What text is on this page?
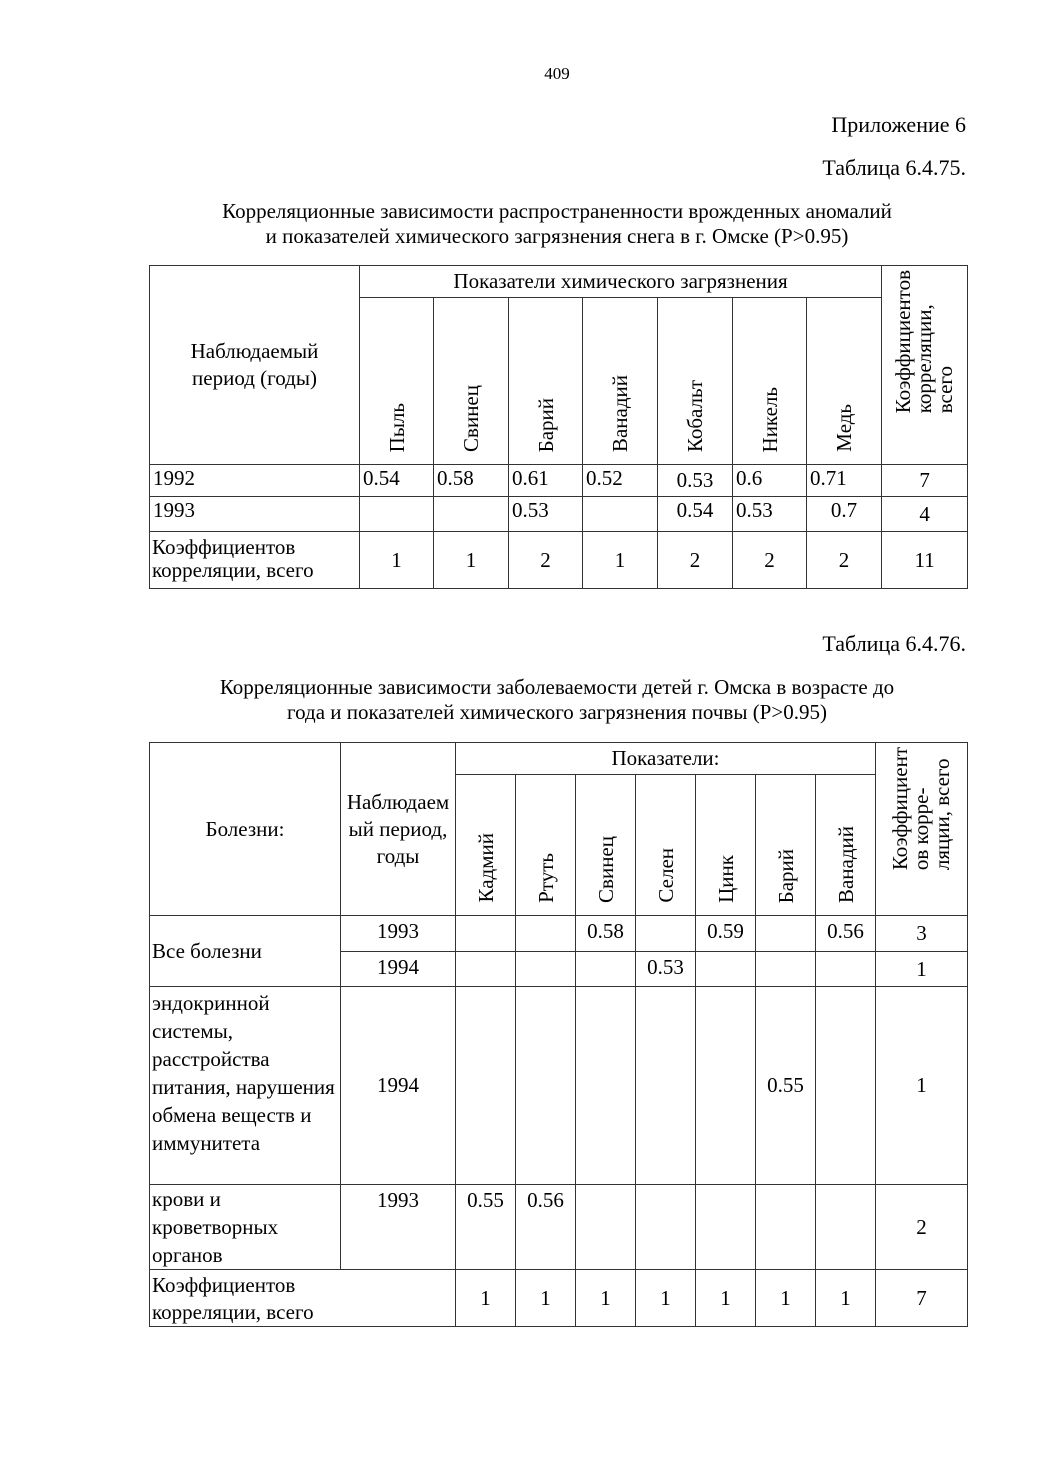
409
Приложение 6
Таблица 6.4.75.
Корреляционные зависимости распространенности врожденных аномалий
и показателей химического загрязнения снега в г. Омске (Р>0.95)
Наблюдаемый период (годы)	Показатели химического загрязнения							Коэффициентов
корреляции,
всего
	Пыль	Свинец	Барий	Ванадий	Кобальт	Никель	Медь	
1992	0.54	0.58	0.61	0.52	0.53	0.6	0.71	7
1993			0.53		0.54	0.53	0.7	4
Коэффициентов корреляции, всего	1	1	2	1	2	2	2	11
Таблица 6.4.76.
Корреляционные зависимости заболеваемости детей г. Омска в возрасте до
года и показателей химического загрязнения почвы (Р>0.95)
Болезни:	Наблюдаемый период, годы	Показатели:							Коэффициент
ов корре-
ляции, всего
		Кадмий	Ртуть	Свинец	Селен	Цинк	Барий	Ванадий	
Все болезни	1993			0.58		0.59		0.56	3
	1994				0.53				1
эндокринной системы, расстройства питания, нарушения обмена веществ и иммунитета	1994						0.55		1
крови и кроветворных органов	1993	0.55	0.56						2

Коэффициентов корреляции, всего		1	1	1	1	1	1	1	7
